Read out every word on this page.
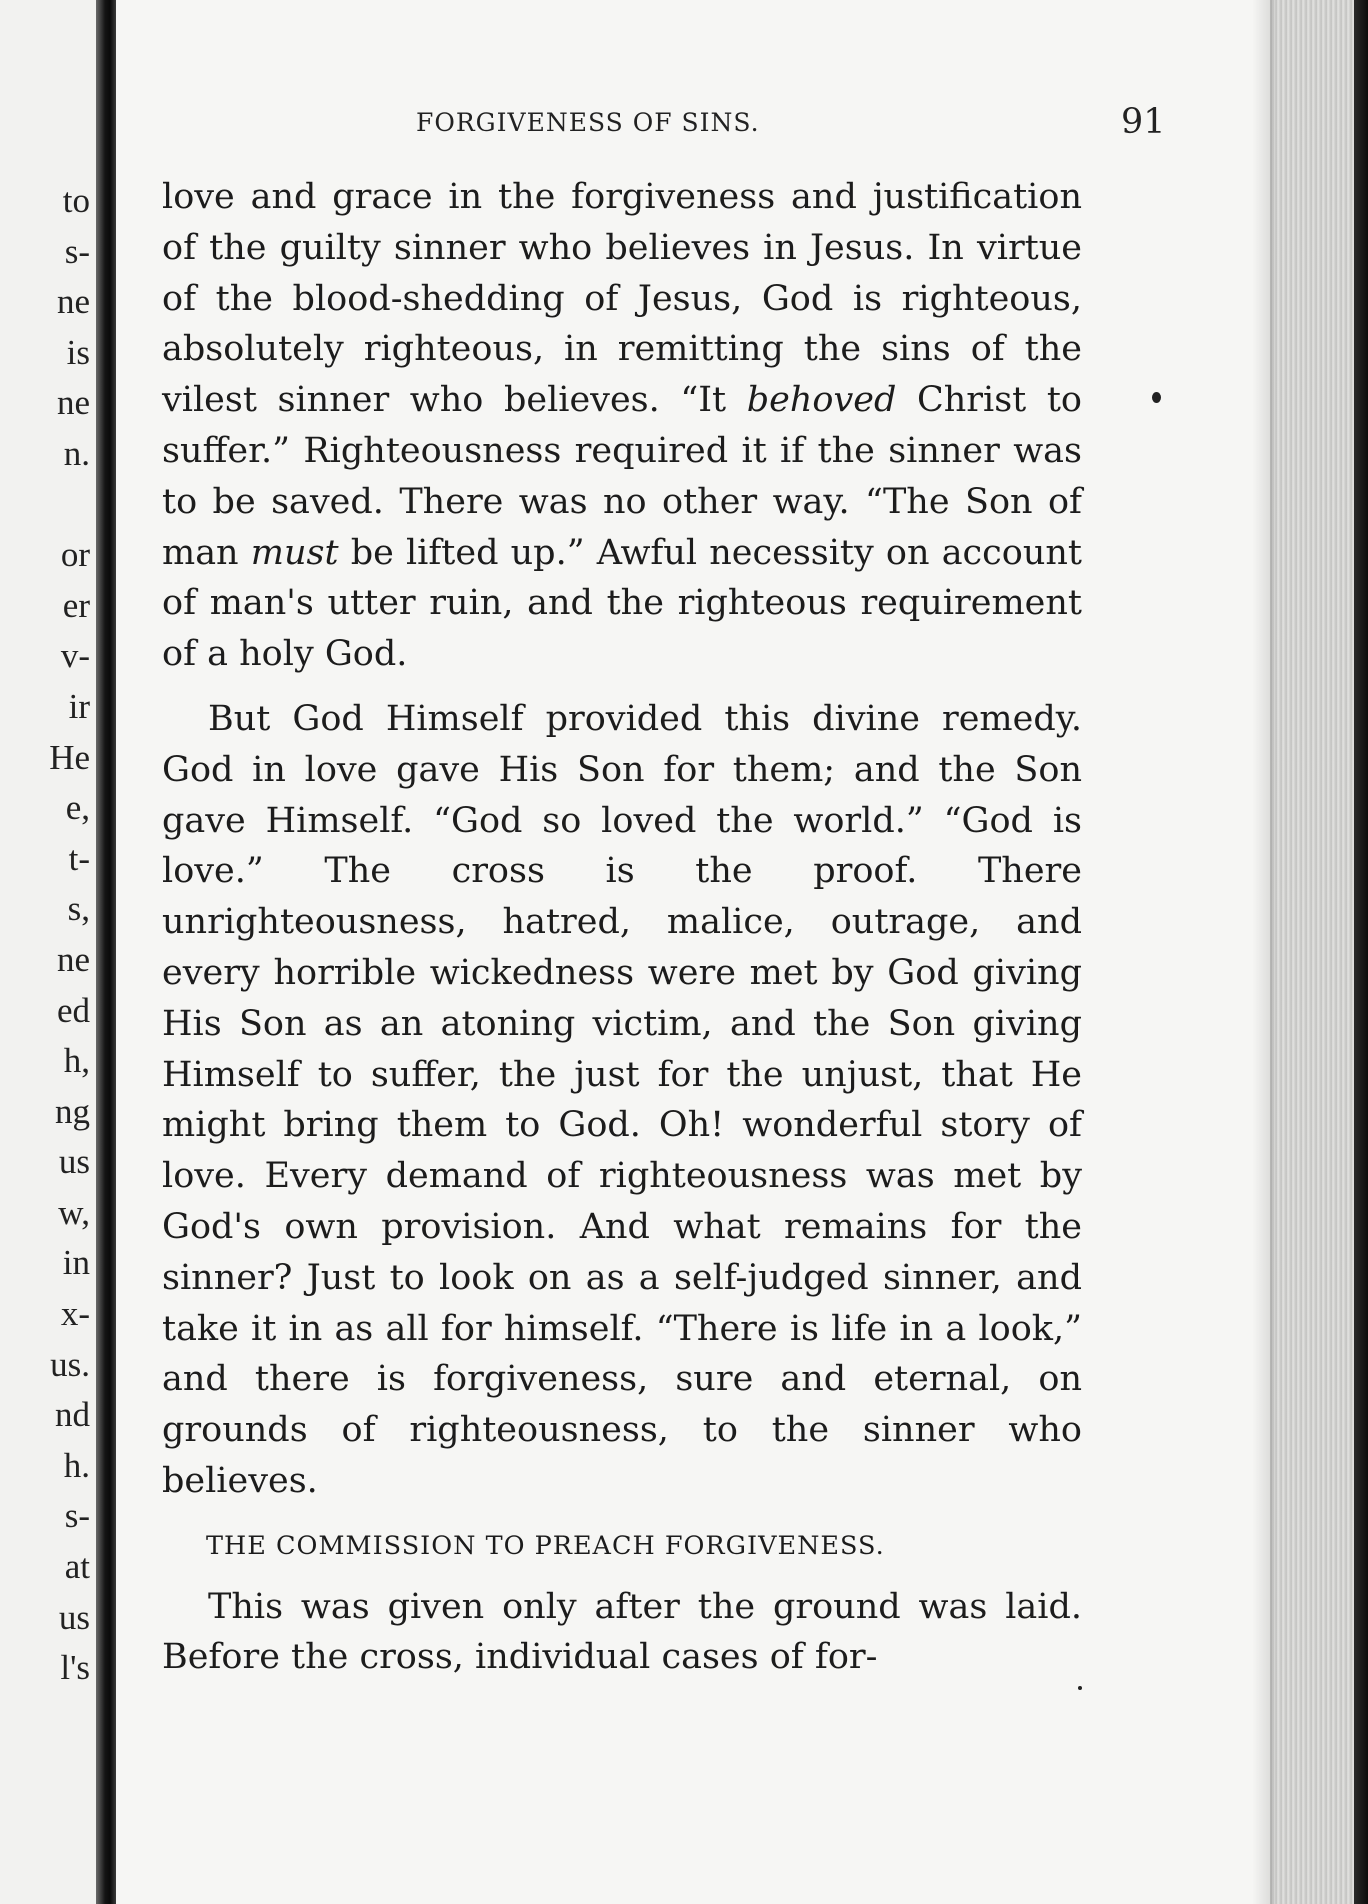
to
s-
ne
is
ne
n.
or
er
v-
ir
He
e,
t-
s,
ne
ed
h,
ng
us
w,
in
x-
us.
nd
h.
s-
at
us
l's
FORGIVENESS OF SINS.	91

love and grace in the forgiveness and justification of the guilty sinner who believes in Jesus. In virtue of the blood-shedding of Jesus, God is righteous, absolutely righteous, in remitting the sins of the vilest sinner who believes. “It behoved Christ to suffer.” Righteousness required it if the sinner was to be saved. There was no other way. “The Son of man must be lifted up.” Awful necessity on account of man's utter ruin, and the righteous requirement of a holy God.

But God Himself provided this divine remedy. God in love gave His Son for them; and the Son gave Himself. “God so loved the world.” “God is love.” The cross is the proof. There unrighteousness, hatred, malice, outrage, and every horrible wickedness were met by God giving His Son as an atoning victim, and the Son giving Himself to suffer, the just for the unjust, that He might bring them to God. Oh! wonderful story of love. Every demand of righteousness was met by God's own provision. And what remains for the sinner? Just to look on as a self-judged sinner, and take it in as all for himself. “There is life in a look,” and there is forgiveness, sure and eternal, on grounds of righteousness, to the sinner who believes.

THE COMMISSION TO PREACH FORGIVENESS.

This was given only after the ground was laid. Before the cross, individual cases of for-
